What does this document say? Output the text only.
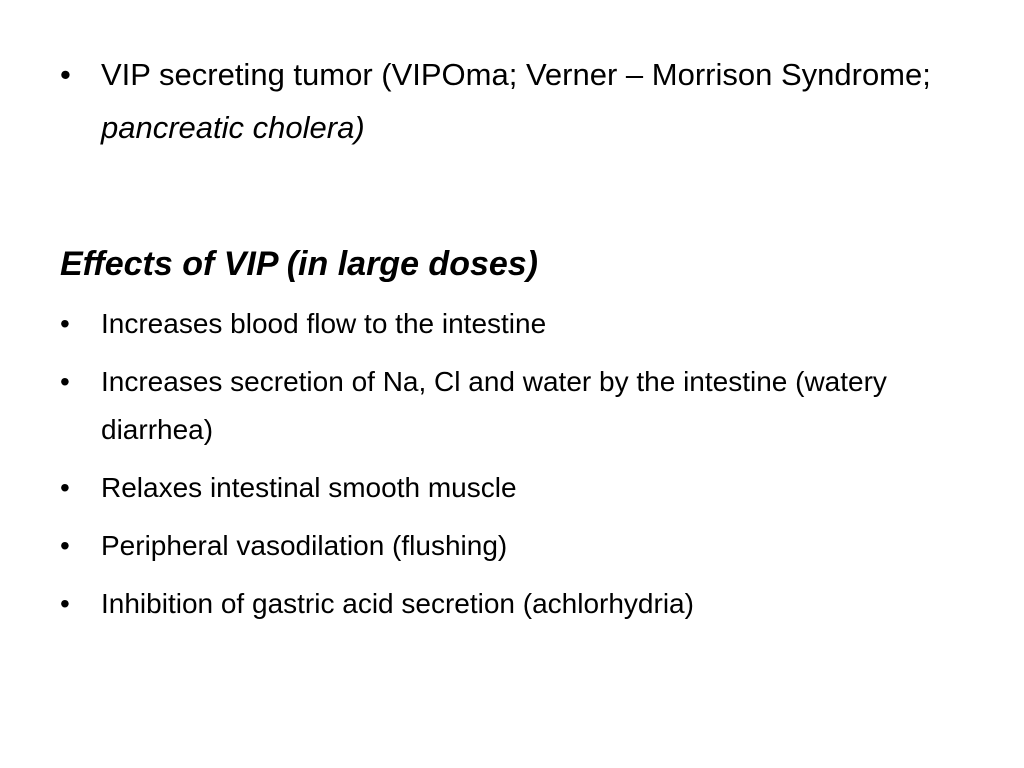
• VIP secreting tumor (VIPOma; Verner – Morrison Syndrome; pancreatic cholera)
Effects of VIP (in large doses)
•	Increases blood flow to the intestine
•	Increases secretion of Na, Cl and water by the intestine (watery diarrhea)
•	Relaxes intestinal smooth muscle
•	Peripheral vasodilation (flushing)
•	Inhibition of gastric acid secretion (achlorhydria)
